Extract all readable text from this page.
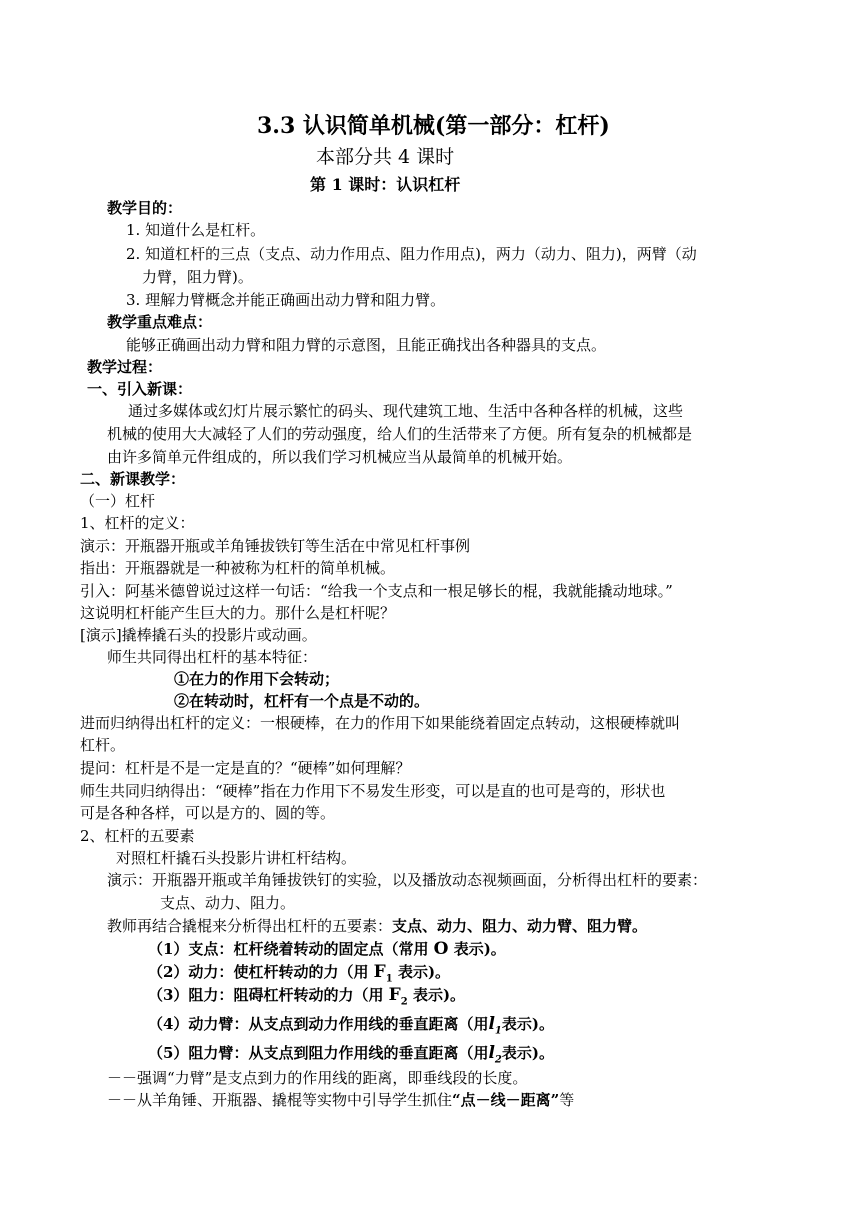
3.3 认识简单机械(第一部分：杠杆)
本部分共 4 课时
第 1 课时：认识杠杆
教学目的：
1. 知道什么是杠杆。
2. 知道杠杆的三点（支点、动力作用点、阻力作用点)，两力（动力、阻力)，两臂（动
力臂，阻力臂)。
3. 理解力臂概念并能正确画出动力臂和阻力臂。
教学重点难点：
能够正确画出动力臂和阻力臂的示意图，且能正确找出各种器具的支点。
教学过程：
一、引入新课：
通过多媒体或幻灯片展示繁忙的码头、现代建筑工地、生活中各种各样的机械，这些
机械的使用大大减轻了人们的劳动强度，给人们的生活带来了方便。所有复杂的机械都是
由许多简单元件组成的，所以我们学习机械应当从最简单的机械开始。
二、新课教学：
（一）杠杆
1、杠杆的定义：
演示：开瓶器开瓶或羊角锤拔铁钉等生活在中常见杠杆事例
指出：开瓶器就是一种被称为杠杆的简单机械。
引入：阿基米德曾说过这样一句话：“给我一个支点和一根足够长的棍，我就能撬动地球。”
这说明杠杆能产生巨大的力。那什么是杠杆呢？
[演示]撬棒撬石头的投影片或动画。
师生共同得出杠杆的基本特征：
①在力的作用下会转动；
②在转动时，杠杆有一个点是不动的。
进而归纳得出杠杆的定义：一根硬棒，在力的作用下如果能绕着固定点转动，这根硬棒就叫
杠杆。
提问：杠杆是不是一定是直的？“硬棒”如何理解？
师生共同归纳得出：“硬棒”指在力作用下不易发生形变，可以是直的也可是弯的，形状也
可是各种各样，可以是方的、圆的等。
2、杠杆的五要素
对照杠杆撬石头投影片讲杠杆结构。
演示：开瓶器开瓶或羊角锤拔铁钉的实验，以及播放动态视频画面，分析得出杠杆的要素：
支点、动力、阻力。
教师再结合撬棍来分析得出杠杆的五要素：支点、动力、阻力、动力臂、阻力臂。
（1）支点：杠杆绕着转动的固定点（常用 O 表示)。
（2）动力：使杠杆转动的力（用 $F_1$ 表示)。
（3）阻力：阻碍杠杆转动的力（用 $F_2$ 表示)。
（4）动力臂：从支点到动力作用线的垂直距离（用$l_1$表示)。
（5）阻力臂：从支点到阻力作用线的垂直距离（用$l_2$表示)。
－－强调“力臂”是支点到力的作用线的距离，即垂线段的长度。
－－从羊角锤、开瓶器、撬棍等实物中引导学生抓住“点－线－距离”等
